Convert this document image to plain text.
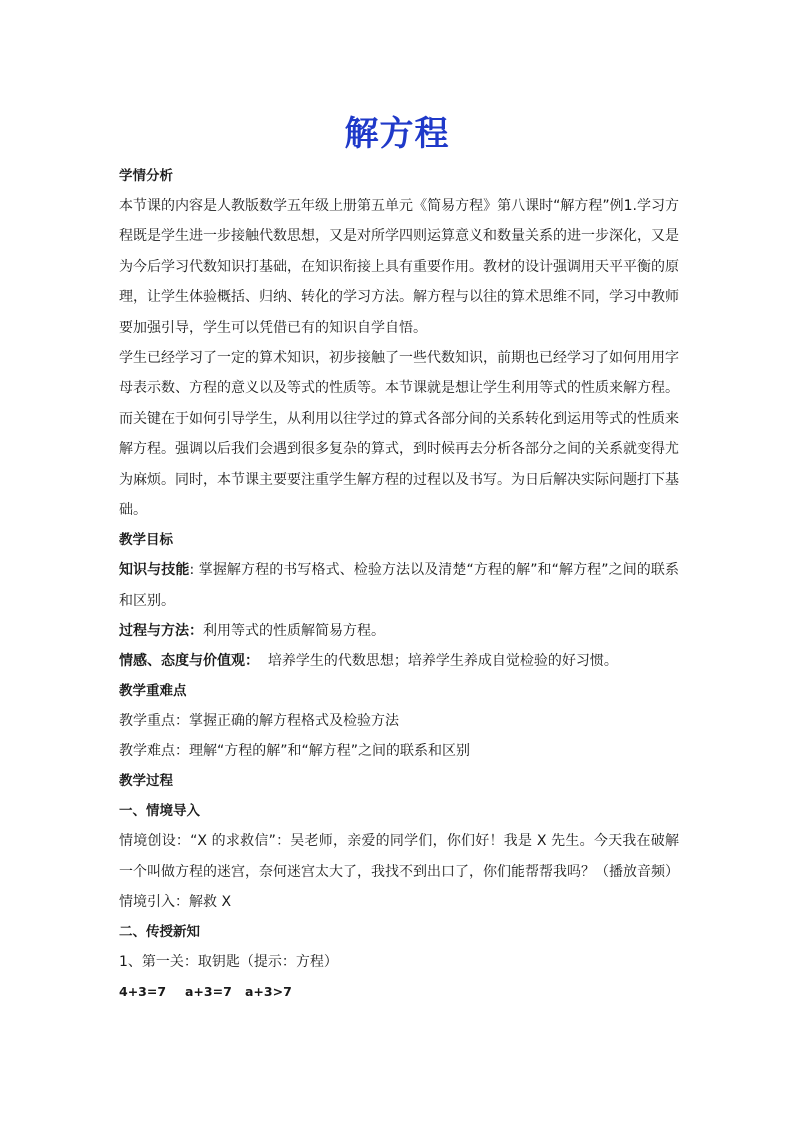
解方程
学情分析
本节课的内容是人教版数学五年级上册第五单元《简易方程》第八课时“解方程”例1.学习方程既是学生进一步接触代数思想，又是对所学四则运算意义和数量关系的进一步深化，又是为今后学习代数知识打基础，在知识衔接上具有重要作用。教材的设计强调用天平平衡的原理，让学生体验概括、归纳、转化的学习方法。解方程与以往的算术思维不同，学习中教师要加强引导，学生可以凭借已有的知识自学自悟。
学生已经学习了一定的算术知识，初步接触了一些代数知识，前期也已经学习了如何用用字母表示数、方程的意义以及等式的性质等。本节课就是想让学生利用等式的性质来解方程。而关键在于如何引导学生，从利用以往学过的算式各部分间的关系转化到运用等式的性质来解方程。强调以后我们会遇到很多复杂的算式，到时候再去分析各部分之间的关系就变得尤为麻烦。同时，本节课主要要注重学生解方程的过程以及书写。为日后解决实际问题打下基础。
教学目标
知识与技能: 掌握解方程的书写格式、检验方法以及清楚“方程的解”和“解方程”之间的联系和区别。
过程与方法：利用等式的性质解简易方程。
情感、态度与价值观：  培养学生的代数思想；培养学生养成自觉检验的好习惯。
教学重难点
教学重点：掌握正确的解方程格式及检验方法
教学难点：理解“方程的解”和“解方程”之间的联系和区别
教学过程
一、情境导入
情境创设：“X 的求救信”：吴老师，亲爱的同学们，你们好！我是 X 先生。今天我在破解一个叫做方程的迷宫，奈何迷宫太大了，我找不到出口了，你们能帮帮我吗？（播放音频）
情境引入：解救 X
二、传授新知
1、第一关：取钥匙（提示：方程）
4+3=7 a+3=7 a+3>7
